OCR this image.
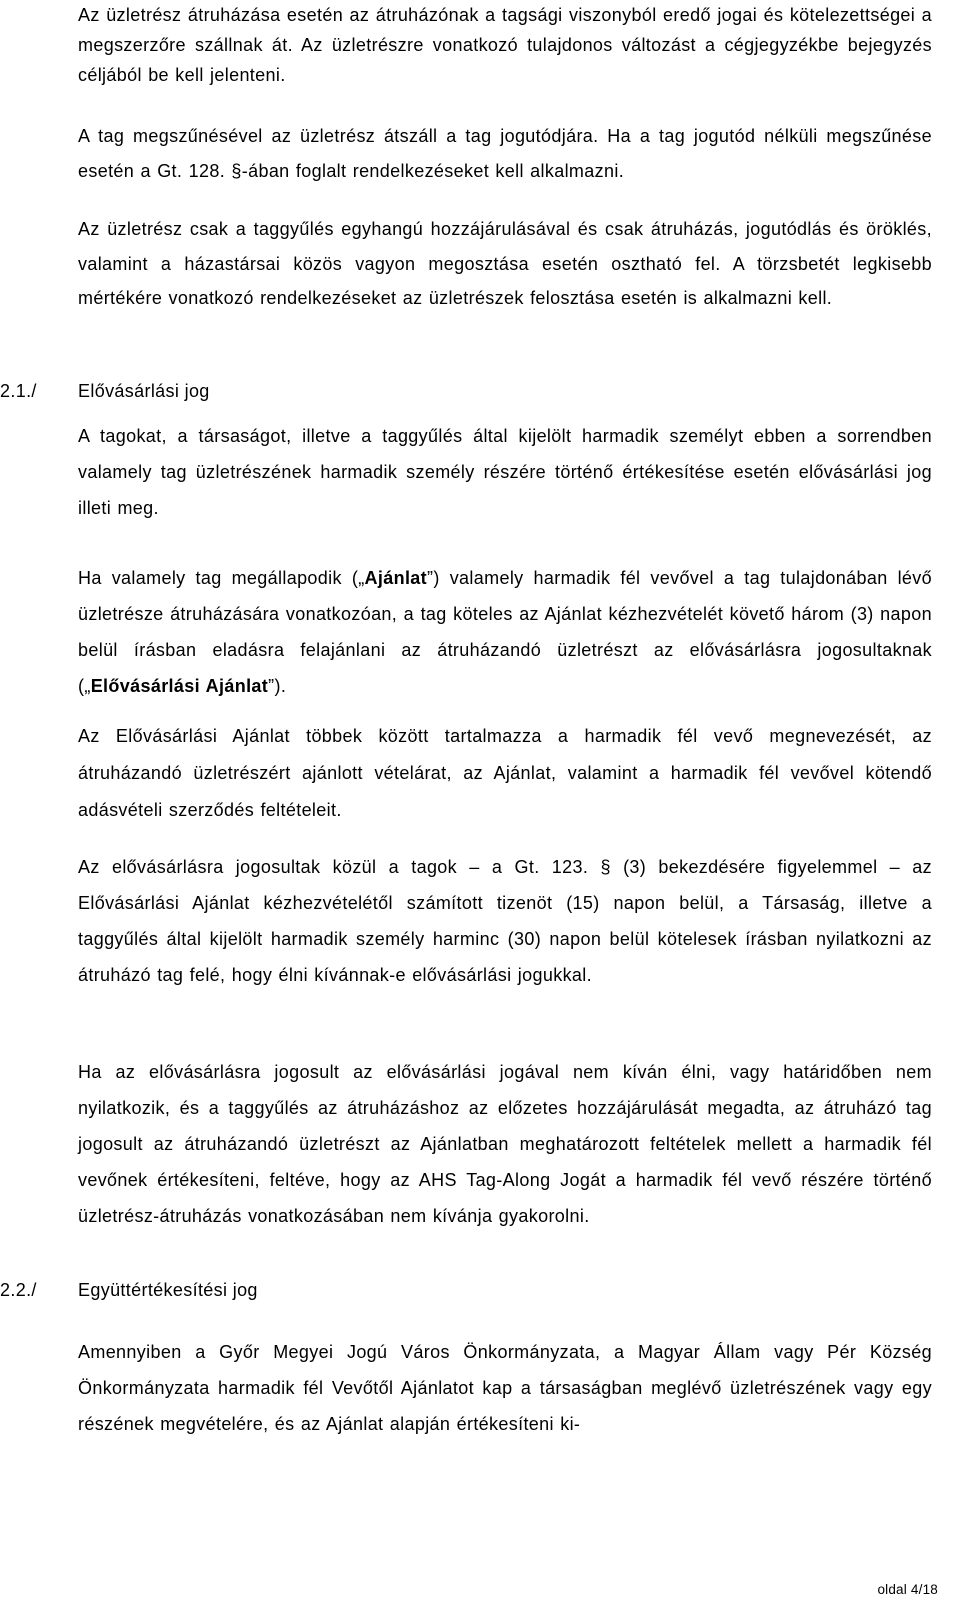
Az üzletrész átruházása esetén az átruházónak a tagsági viszonyból eredő jogai és kötelezettségei a megszerzőre szállnak át. Az üzletrészre vonatkozó tulajdonos változást a cégjegyzékbe bejegyzés céljából be kell jelenteni.

A tag megszűnésével az üzletrész átszáll a tag jogutódjára. Ha a tag jogutód nélküli megszűnése esetén a Gt. 128. §-ában foglalt rendelkezéseket kell alkalmazni.

Az üzletrész csak a taggyűlés egyhangú hozzájárulásával és csak átruházás, jogutódlás és öröklés, valamint a házastársai közös vagyon megosztása esetén osztható fel. A törzsbetét legkisebb mértékére vonatkozó rendelkezéseket az üzletrészek felosztása esetén is alkalmazni kell.

2.1./	Elővásárlási jog

A tagokat, a társaságot, illetve a taggyűlés által kijelölt harmadik személyt ebben a sorrendben valamely tag üzletrészének harmadik személy részére történő értékesítése esetén elővásárlási jog illeti meg.

Ha valamely tag megállapodik („Ajánlat”) valamely harmadik fél vevővel a tag tulajdonában lévő üzletrésze átruházására vonatkozóan, a tag köteles az Ajánlat kézhezvételét követő három (3) napon belül írásban eladásra felajánlani az átruházandó üzletrészt az elővásárlásra jogosultaknak („Elővásárlási Ajánlat”).

Az Elővásárlási Ajánlat többek között tartalmazza a harmadik fél vevő megnevezését, az átruházandó üzletrészért ajánlott vételárat, az Ajánlat, valamint a harmadik fél vevővel kötendő adásvételi szerződés feltételeit.

Az elővásárlásra jogosultak közül a tagok – a Gt. 123. § (3) bekezdésére figyelemmel – az Elővásárlási Ajánlat kézhezvételétől számított tizenöt (15) napon belül, a Társaság, illetve a taggyűlés által kijelölt harmadik személy harminc (30) napon belül kötelesek írásban nyilatkozni az átruházó tag felé, hogy élni kívánnak-e elővásárlási jogukkal.

Ha az elővásárlásra jogosult az elővásárlási jogával nem kíván élni, vagy határidőben nem nyilatkozik, és a taggyűlés az átruházáshoz az előzetes hozzájárulását megadta, az átruházó tag jogosult az átruházandó üzletrészt az Ajánlatban meghatározott feltételek mellett a harmadik fél vevőnek értékesíteni, feltéve, hogy az AHS Tag-Along Jogát a harmadik fél vevő részére történő üzletrész-átruházás vonatkozásában nem kívánja gyakorolni.

2.2./	Együttértékesítési jog

Amennyiben a Győr Megyei Jogú Város Önkormányzata, a Magyar Állam vagy Pér Község Önkormányzata harmadik fél Vevőtől Ajánlatot kap a társaságban meglévő üzletrészének vagy egy részének megvételére, és az Ajánlat alapján értékesíteni ki-

oldal 4/18
